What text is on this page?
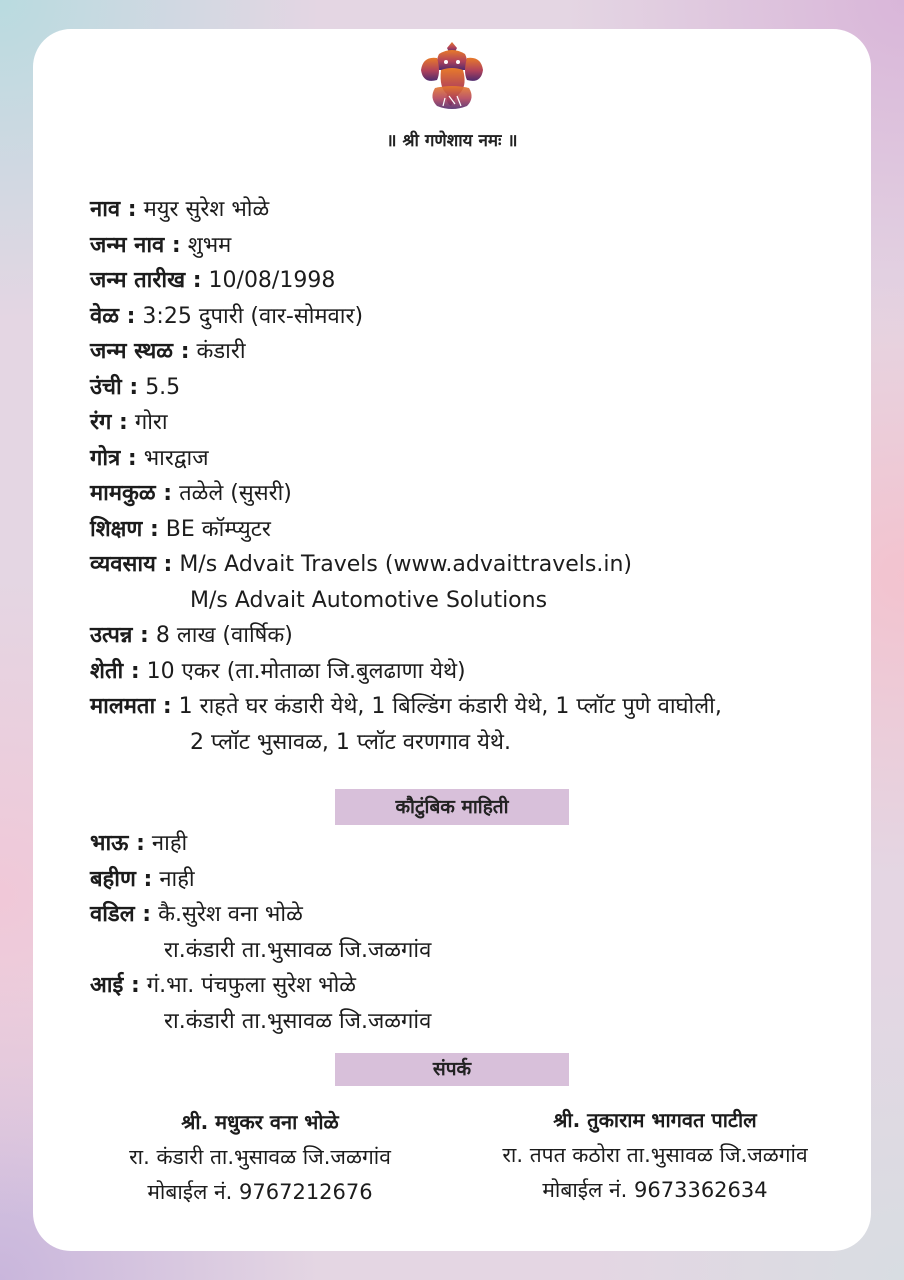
॥ श्री गणेशाय नमः ॥
नाव : मयुर सुरेश भोळे
जन्म नाव : शुभम
जन्म तारीख : 10/08/1998
वेळ : 3:25 दुपारी (वार-सोमवार)
जन्म स्थळ : कंडारी
उंची : 5.5
रंग : गोरा
गोत्र : भारद्वाज
मामकुळ : तळेले (सुसरी)
शिक्षण : BE कॉम्प्युटर
व्यवसाय : M/s Advait Travels (www.advaittravels.in)
M/s Advait Automotive Solutions
उत्पन्न : 8 लाख (वार्षिक)
शेती : 10 एकर (ता.मोताळा जि.बुलढाणा येथे)
मालमता : 1 राहते घर कंडारी येथे, 1 बिल्डिंग कंडारी येथे, 1 प्लॉट पुणे वाघोली,
2 प्लॉट भुसावळ, 1 प्लॉट वरणगाव येथे.
कौटुंबिक माहिती
भाऊ : नाही
बहीण : नाही
वडिल : कै.सुरेश वना भोळे
रा.कंडारी ता.भुसावळ जि.जळगांव
आई : गं.भा. पंचफुला सुरेश भोळे
रा.कंडारी ता.भुसावळ जि.जळगांव
संपर्क
श्री. मधुकर वना भोळे
रा. कंडारी ता.भुसावळ जि.जळगांव
मोबाईल नं. 9767212676
श्री. तुकाराम भागवत पाटील
रा. तपत कठोरा ता.भुसावळ जि.जळगांव
मोबाईल नं. 9673362634
